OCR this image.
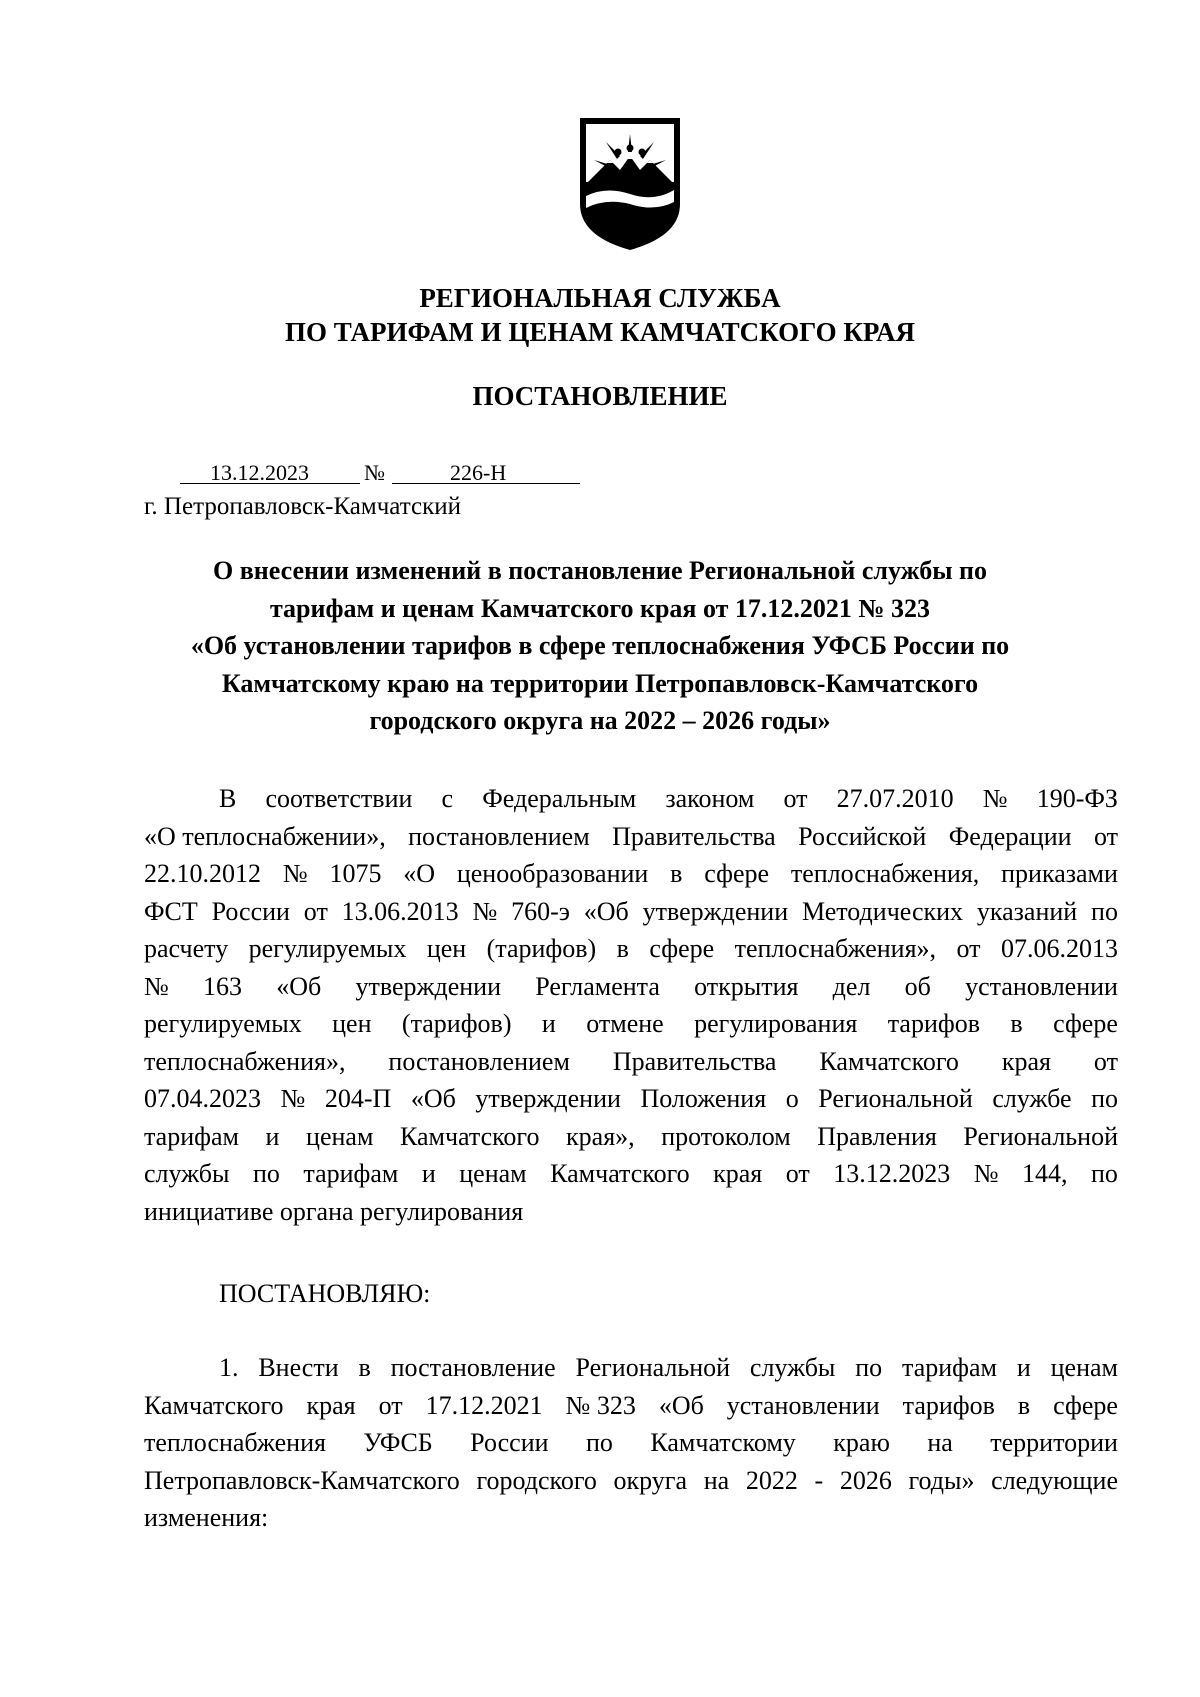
РЕГИОНАЛЬНАЯ СЛУЖБА
ПО ТАРИФАМ И ЦЕНАМ КАМЧАТСКОГО КРАЯ
ПОСТАНОВЛЕНИЕ
13.12.2023	№	226-Н
г. Петропавловск-Камчатский
О внесении изменений в постановление Региональной службы по
тарифам и ценам Камчатского края от 17.12.2021 № 323
«Об установлении тарифов в сфере теплоснабжения УФСБ России по
Камчатскому краю на территории Петропавловск-Камчатского
городского округа на 2022 – 2026 годы»
В соответствии с Федеральным законом от 27.07.2010 № 190-ФЗ
«О теплоснабжении», постановлением Правительства Российской Федерации от
22.10.2012 № 1075 «О ценообразовании в сфере теплоснабжения, приказами
ФСТ России от 13.06.2013 № 760-э «Об утверждении Методических указаний по
расчету регулируемых цен (тарифов) в сфере теплоснабжения», от 07.06.2013
№ 163 «Об утверждении Регламента открытия дел об установлении
регулируемых цен (тарифов) и отмене регулирования тарифов в сфере
теплоснабжения», постановлением Правительства Камчатского края от
07.04.2023 № 204-П «Об утверждении Положения о Региональной службе по
тарифам и ценам Камчатского края», протоколом Правления Региональной
службы по тарифам и ценам Камчатского края от 13.12.2023 № 144, по
инициативе органа регулирования
ПОСТАНОВЛЯЮ:
1. Внести в постановление Региональной службы по тарифам и ценам
Камчатского края от 17.12.2021 № 323 «Об установлении тарифов в сфере
теплоснабжения УФСБ России по Камчатскому краю на территории
Петропавловск-Камчатского городского округа на 2022 - 2026 годы» следующие
изменения:
